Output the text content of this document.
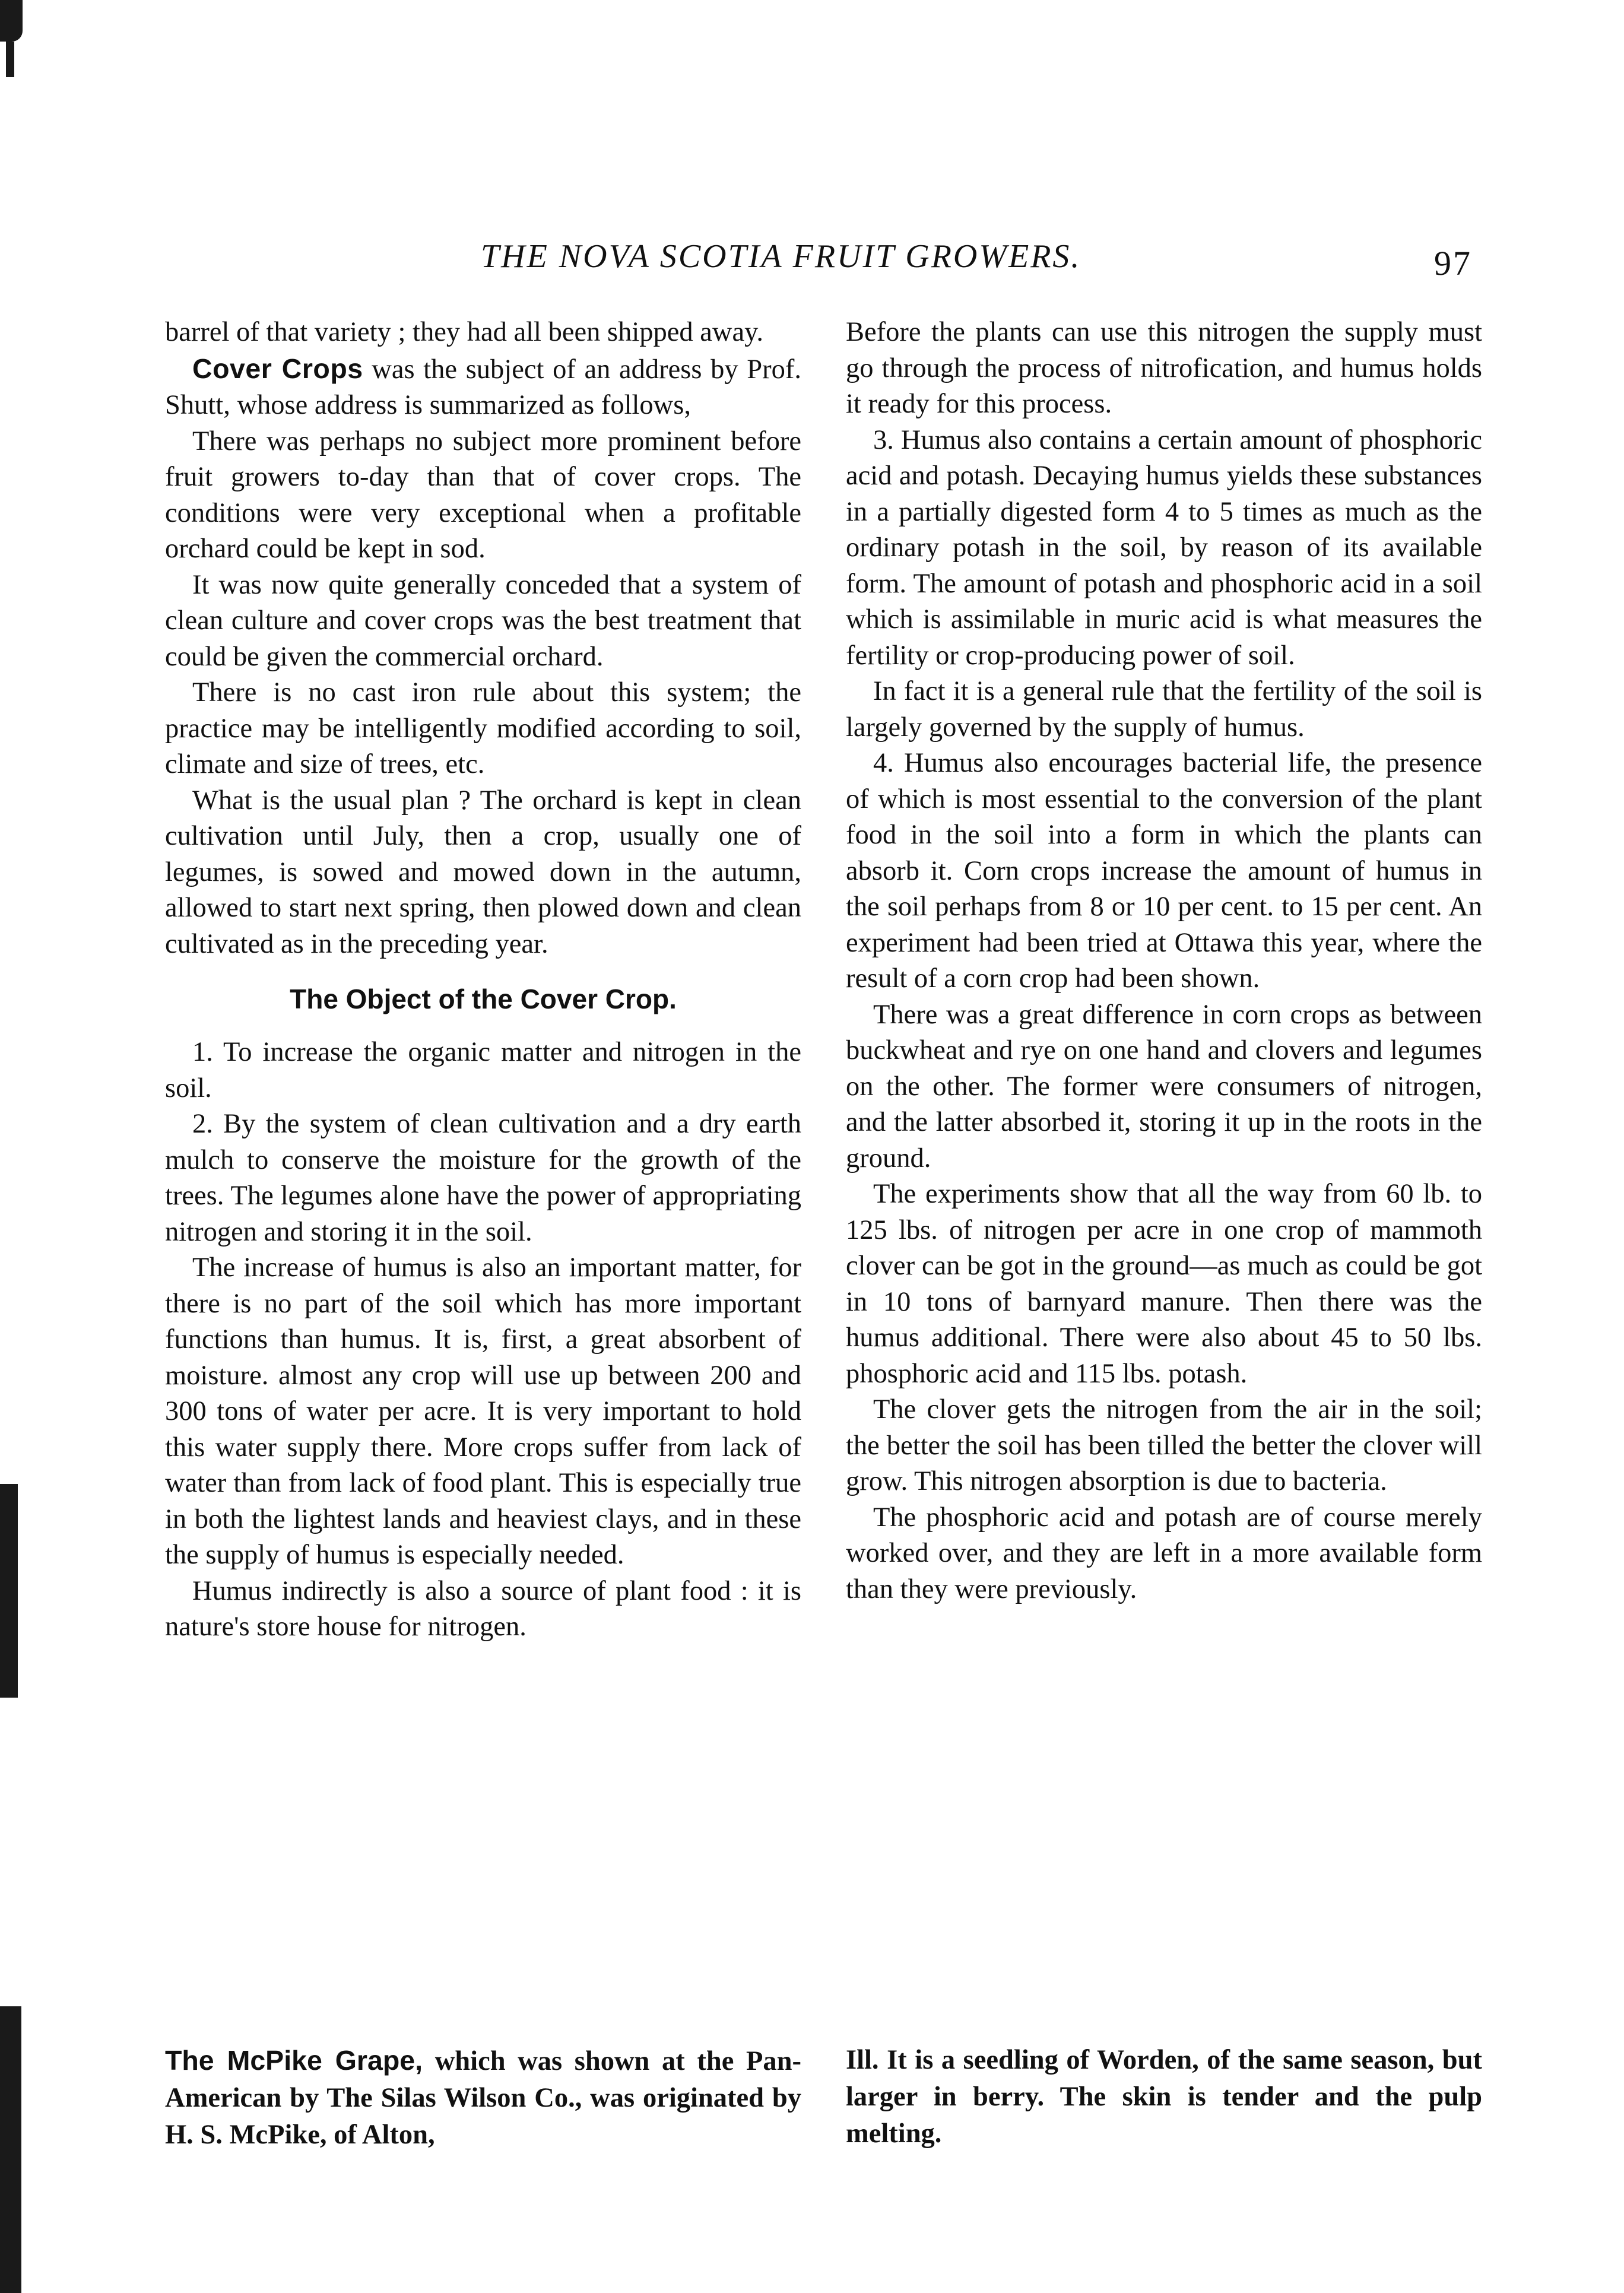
THE NOVA SCOTIA FRUIT GROWERS.	97

barrel of that variety ; they had all been shipped away.

Cover Crops was the subject of an address by Prof. Shutt, whose address is summarized as follows,

There was perhaps no subject more prominent before fruit growers to-day than that of cover crops. The conditions were very exceptional when a profitable orchard could be kept in sod.

It was now quite generally conceded that a system of clean culture and cover crops was the best treatment that could be given the commercial orchard.

There is no cast iron rule about this system; the practice may be intelligently modified according to soil, climate and size of trees, etc.

What is the usual plan ? The orchard is kept in clean cultivation until July, then a crop, usually one of legumes, is sowed and mowed down in the autumn, allowed to start next spring, then plowed down and clean cultivated as in the preceding year.

The Object of the Cover Crop.

1. To increase the organic matter and nitrogen in the soil.

2. By the system of clean cultivation and a dry earth mulch to conserve the moisture for the growth of the trees. The legumes alone have the power of appropriating nitrogen and storing it in the soil.

The increase of humus is also an important matter, for there is no part of the soil which has more important functions than humus. It is, first, a great absorbent of moisture. almost any crop will use up between 200 and 300 tons of water per acre. It is very important to hold this water supply there. More crops suffer from lack of water than from lack of food plant. This is especially true in both the lightest lands and heaviest clays, and in these the supply of humus is especially needed.

Humus indirectly is also a source of plant food : it is nature's store house for nitrogen.

Before the plants can use this nitrogen the supply must go through the process of nitrofication, and humus holds it ready for this process.

3. Humus also contains a certain amount of phosphoric acid and potash. Decaying humus yields these substances in a partially digested form 4 to 5 times as much as the ordinary potash in the soil, by reason of its available form. The amount of potash and phosphoric acid in a soil which is assimilable in muric acid is what measures the fertility or crop-producing power of soil.

In fact it is a general rule that the fertility of the soil is largely governed by the supply of humus.

4. Humus also encourages bacterial life, the presence of which is most essential to the conversion of the plant food in the soil into a form in which the plants can absorb it. Corn crops increase the amount of humus in the soil perhaps from 8 or 10 per cent. to 15 per cent. An experiment had been tried at Ottawa this year, where the result of a corn crop had been shown.

There was a great difference in corn crops as between buckwheat and rye on one hand and clovers and legumes on the other. The former were consumers of nitrogen, and the latter absorbed it, storing it up in the roots in the ground.

The experiments show that all the way from 60 lb. to 125 lbs. of nitrogen per acre in one crop of mammoth clover can be got in the ground—as much as could be got in 10 tons of barnyard manure. Then there was the humus additional. There were also about 45 to 50 lbs. phosphoric acid and 115 lbs. potash.

The clover gets the nitrogen from the air in the soil; the better the soil has been tilled the better the clover will grow. This nitrogen absorption is due to bacteria.

The phosphoric acid and potash are of course merely worked over, and they are left in a more available form than they were previously.

The McPike Grape, which was shown at the Pan-American by The Silas Wilson Co., was originated by H. S. McPike, of Alton,

Ill. It is a seedling of Worden, of the same season, but larger in berry. The skin is tender and the pulp melting.
